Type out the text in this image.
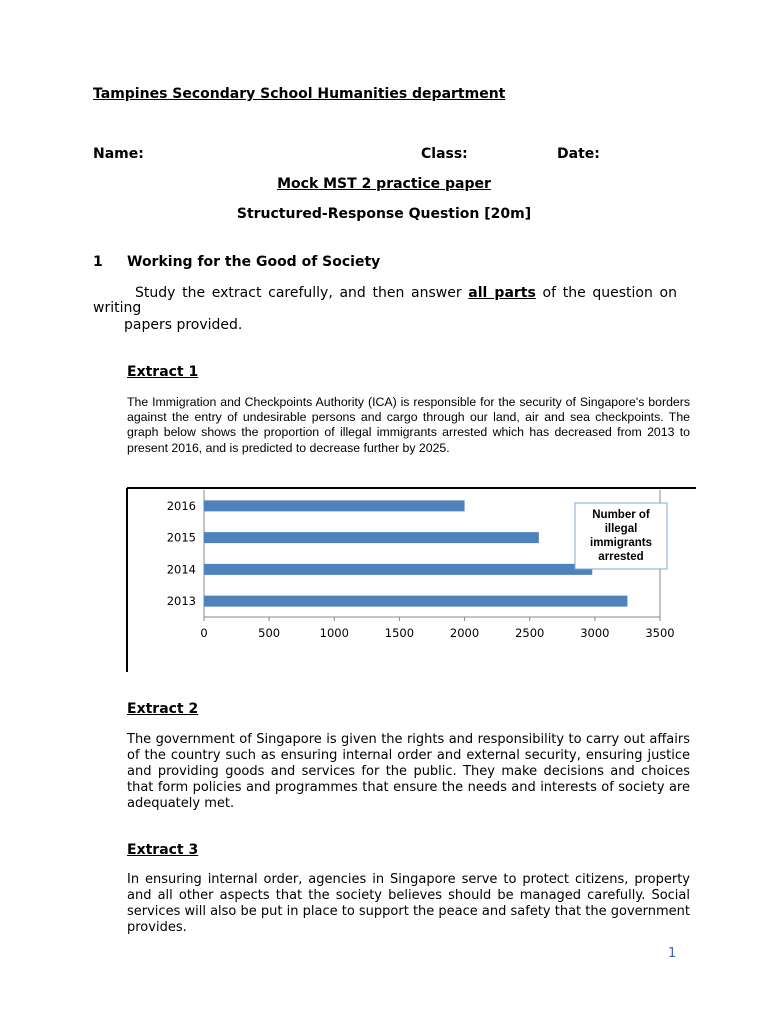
Tampines Secondary School Humanities department
Name:	Class:	Date:
Mock MST 2 practice paper
Structured-Response Question [20m]
1 Working for the Good of Society
Study the extract carefully, and then answer all parts of the question on
writing
papers provided.
Extract 1
The Immigration and Checkpoints Authority (ICA) is responsible for the security of Singapore's borders against the entry of undesirable persons and cargo through our land, air and sea checkpoints. The graph below shows the proportion of illegal immigrants arrested which has decreased from 2013 to present 2016, and is predicted to decrease further by 2025.
2013
2014
2015
2016
0	500	1000	1500	2000	2500	3000	3500
Number of
illegal
immigrants
arrested
Extract 2
The government of Singapore is given the rights and responsibility to carry out affairs of the country such as ensuring internal order and external security, ensuring justice and providing goods and services for the public. They make decisions and choices that form policies and programmes that ensure the needs and interests of society are adequately met.
Extract 3
In ensuring internal order, agencies in Singapore serve to protect citizens, property and all other aspects that the society believes should be managed carefully. Social services will also be put in place to support the peace and safety that the government provides.
1
